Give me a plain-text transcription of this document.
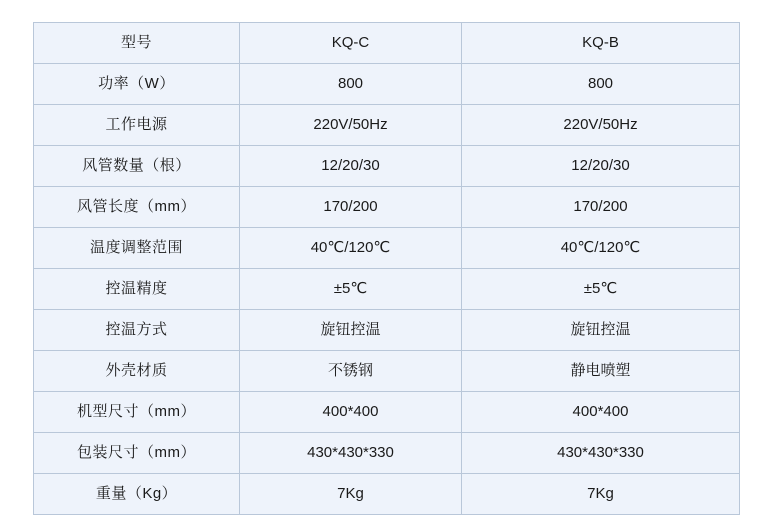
型号	KQ-C	KQ-B
功率（W）	800	800
工作电源	220V/50Hz	220V/50Hz
风管数量（根）	12/20/30	12/20/30
风管长度（mm）	170/200	170/200
温度调整范围	40℃/120℃	40℃/120℃
控温精度	±5℃	±5℃
控温方式	旋钮控温	旋钮控温
外壳材质	不锈钢	静电喷塑
机型尺寸（mm）	400*400	400*400
包装尺寸（mm）	430*430*330	430*430*330
重量（Kg）	7Kg	7Kg
